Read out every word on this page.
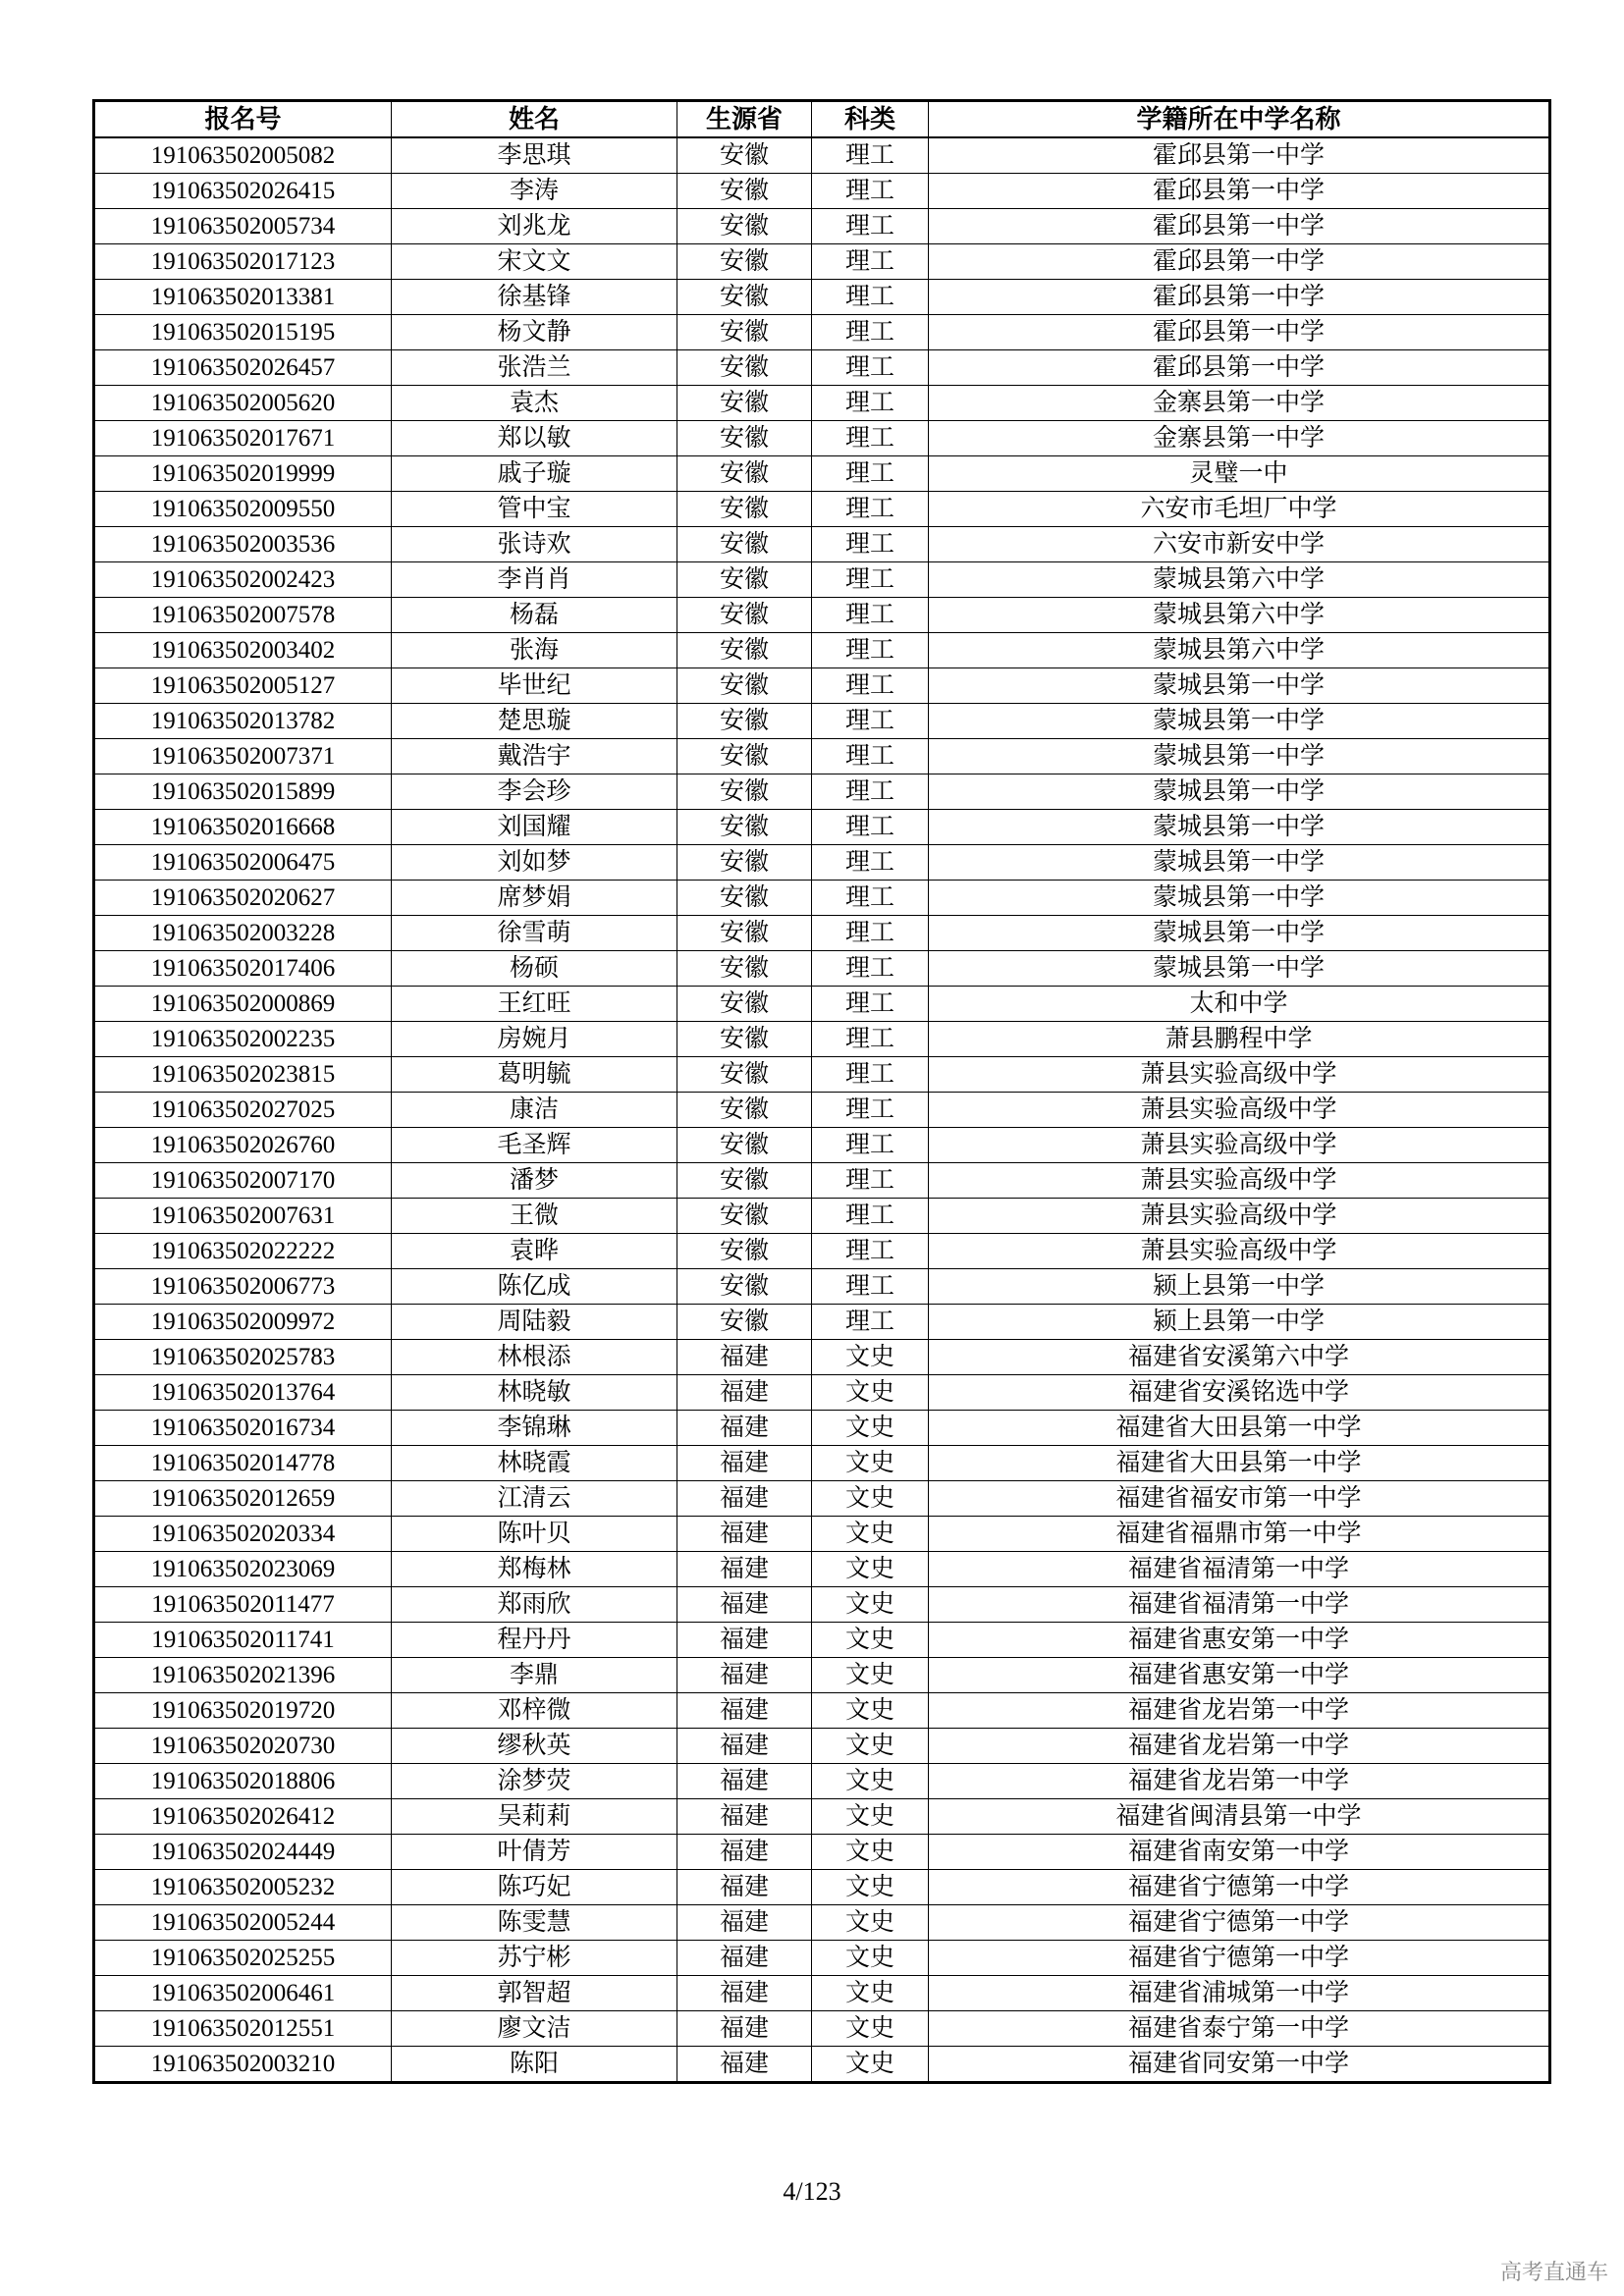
报名号	姓名	生源省	科类	学籍所在中学名称
191063502005082	李思琪	安徽	理工	霍邱县第一中学
191063502026415	李涛	安徽	理工	霍邱县第一中学
191063502005734	刘兆龙	安徽	理工	霍邱县第一中学
191063502017123	宋文文	安徽	理工	霍邱县第一中学
191063502013381	徐基锋	安徽	理工	霍邱县第一中学
191063502015195	杨文静	安徽	理工	霍邱县第一中学
191063502026457	张浩兰	安徽	理工	霍邱县第一中学
191063502005620	袁杰	安徽	理工	金寨县第一中学
191063502017671	郑以敏	安徽	理工	金寨县第一中学
191063502019999	戚子璇	安徽	理工	灵璧一中
191063502009550	管中宝	安徽	理工	六安市毛坦厂中学
191063502003536	张诗欢	安徽	理工	六安市新安中学
191063502002423	李肖肖	安徽	理工	蒙城县第六中学
191063502007578	杨磊	安徽	理工	蒙城县第六中学
191063502003402	张海	安徽	理工	蒙城县第六中学
191063502005127	毕世纪	安徽	理工	蒙城县第一中学
191063502013782	楚思璇	安徽	理工	蒙城县第一中学
191063502007371	戴浩宇	安徽	理工	蒙城县第一中学
191063502015899	李会珍	安徽	理工	蒙城县第一中学
191063502016668	刘国耀	安徽	理工	蒙城县第一中学
191063502006475	刘如梦	安徽	理工	蒙城县第一中学
191063502020627	席梦娟	安徽	理工	蒙城县第一中学
191063502003228	徐雪萌	安徽	理工	蒙城县第一中学
191063502017406	杨硕	安徽	理工	蒙城县第一中学
191063502000869	王红旺	安徽	理工	太和中学
191063502002235	房婉月	安徽	理工	萧县鹏程中学
191063502023815	葛明毓	安徽	理工	萧县实验高级中学
191063502027025	康洁	安徽	理工	萧县实验高级中学
191063502026760	毛圣辉	安徽	理工	萧县实验高级中学
191063502007170	潘梦	安徽	理工	萧县实验高级中学
191063502007631	王微	安徽	理工	萧县实验高级中学
191063502022222	袁晔	安徽	理工	萧县实验高级中学
191063502006773	陈亿成	安徽	理工	颍上县第一中学
191063502009972	周陆毅	安徽	理工	颍上县第一中学
191063502025783	林根添	福建	文史	福建省安溪第六中学
191063502013764	林晓敏	福建	文史	福建省安溪铭选中学
191063502016734	李锦琳	福建	文史	福建省大田县第一中学
191063502014778	林晓霞	福建	文史	福建省大田县第一中学
191063502012659	江清云	福建	文史	福建省福安市第一中学
191063502020334	陈叶贝	福建	文史	福建省福鼎市第一中学
191063502023069	郑梅林	福建	文史	福建省福清第一中学
191063502011477	郑雨欣	福建	文史	福建省福清第一中学
191063502011741	程丹丹	福建	文史	福建省惠安第一中学
191063502021396	李鼎	福建	文史	福建省惠安第一中学
191063502019720	邓梓微	福建	文史	福建省龙岩第一中学
191063502020730	缪秋英	福建	文史	福建省龙岩第一中学
191063502018806	涂梦荧	福建	文史	福建省龙岩第一中学
191063502026412	吴莉莉	福建	文史	福建省闽清县第一中学
191063502024449	叶倩芳	福建	文史	福建省南安第一中学
191063502005232	陈巧妃	福建	文史	福建省宁德第一中学
191063502005244	陈雯慧	福建	文史	福建省宁德第一中学
191063502025255	苏宁彬	福建	文史	福建省宁德第一中学
191063502006461	郭智超	福建	文史	福建省浦城第一中学
191063502012551	廖文洁	福建	文史	福建省泰宁第一中学
191063502003210	陈阳	福建	文史	福建省同安第一中学
4/123
高考直通车
